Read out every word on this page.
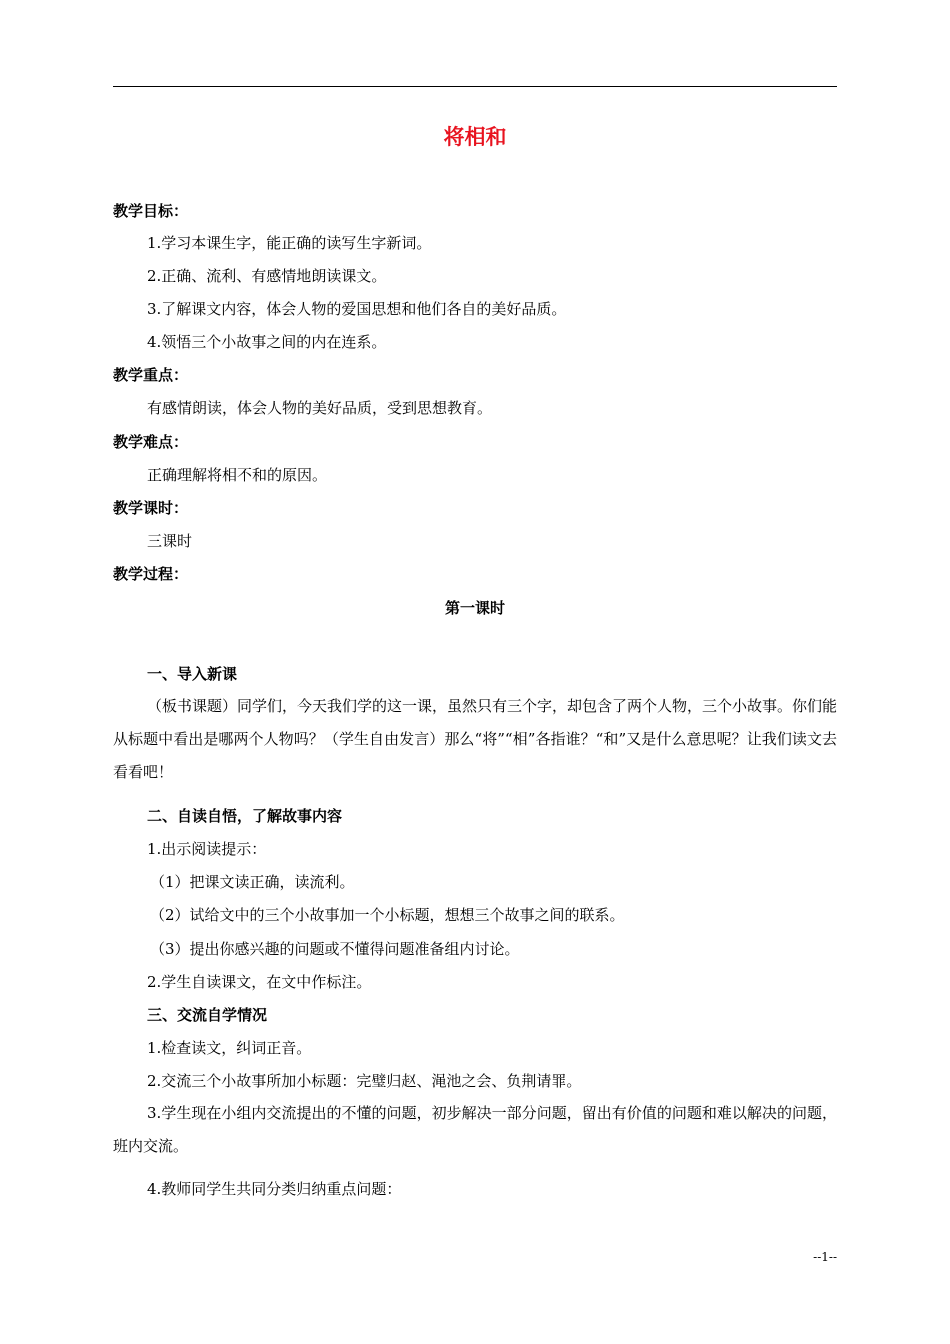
将相和
教学目标：
1.学习本课生字，能正确的读写生字新词。
2.正确、流利、有感情地朗读课文。
3.了解课文内容，体会人物的爱国思想和他们各自的美好品质。
4.领悟三个小故事之间的内在连系。
教学重点：
有感情朗读，体会人物的美好品质，受到思想教育。
教学难点：
正确理解将相不和的原因。
教学课时：
三课时
教学过程：
第一课时
一、导入新课

（板书课题）同学们，今天我们学的这一课，虽然只有三个字，却包含了两个人物，三个小故事。你们能从标题中看出是哪两个人物吗？（学生自由发言）那么“将”“相”各指谁？“和”又是什么意思呢？让我们读文去看看吧！

二、自读自悟，了解故事内容
1.出示阅读提示：
（1）把课文读正确，读流利。
（2）试给文中的三个小故事加一个小标题，想想三个故事之间的联系。
（3）提出你感兴趣的问题或不懂得问题准备组内讨论。
2.学生自读课文，在文中作标注。
三、交流自学情况
1.检查读文，纠词正音。
2.交流三个小故事所加小标题：完璧归赵、渑池之会、负荆请罪。

3.学生现在小组内交流提出的不懂的问题，初步解决一部分问题，留出有价值的问题和难以解决的问题，班内交流。

4.教师同学生共同分类归纳重点问题：
--1--
